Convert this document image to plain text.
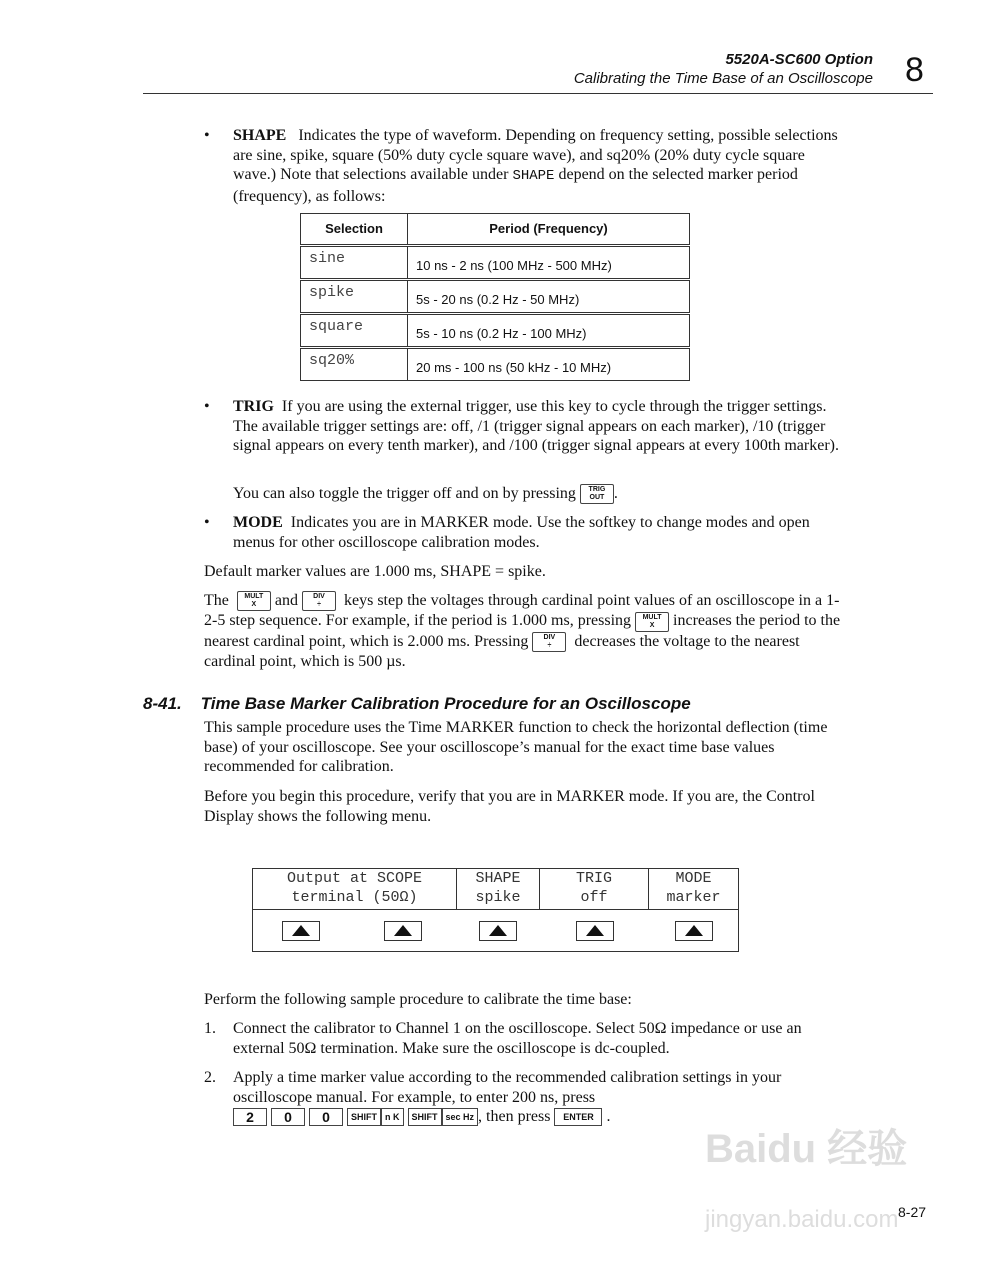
5520A-SC600 Option
Calibrating the Time Base of an Oscilloscope 8
• SHAPE Indicates the type of waveform. Depending on frequency setting, possible selections are sine, spike, square (50% duty cycle square wave), and sq20% (20% duty cycle square wave.) Note that selections available under SHAPE depend on the selected marker period (frequency), as follows:
Selection	Period (Frequency)
sine	10 ns - 2 ns (100 MHz - 500 MHz)
spike	5s - 20 ns (0.2 Hz - 50 MHz)
square	5s - 10 ns (0.2 Hz - 100 MHz)
sq20%	20 ms - 100 ns (50 kHz - 10 MHz)
• TRIG If you are using the external trigger, use this key to cycle through the trigger settings. The available trigger settings are: off, /1 (trigger signal appears on each marker), /10 (trigger signal appears on every tenth marker), and /100 (trigger signal appears at every 100th marker).
You can also toggle the trigger off and on by pressing TRIG
OUT .
• MODE Indicates you are in MARKER mode. Use the softkey to change modes and open menus for other oscilloscope calibration modes.
Default marker values are 1.000 ms, SHAPE = spike.
The MULT
X and DIV
÷ keys step the voltages through cardinal point values of an oscilloscope in a 1-2-5 step sequence. For example, if the period is 1.000 ms, pressing MULT
X increases the period to the nearest cardinal point, which is 2.000 ms. Pressing DIV
÷ decreases the voltage to the nearest cardinal point, which is 500 µs.
8-41. Time Base Marker Calibration Procedure for an Oscilloscope
This sample procedure uses the Time MARKER function to check the horizontal deflection (time base) of your oscilloscope. See your oscilloscope’s manual for the exact time base values recommended for calibration.
Before you begin this procedure, verify that you are in MARKER mode. If you are, the Control Display shows the following menu.
Output at SCOPE
terminal (50Ω)
SHAPE
spike
TRIG
off
MODE
marker
Perform the following sample procedure to calibrate the time base:
1. Connect the calibrator to Channel 1 on the oscilloscope. Select 50Ω impedance or use an external 50Ω termination. Make sure the oscilloscope is dc-coupled.
2. Apply a time marker value according to the recommended calibration settings in your oscilloscope manual. For example, to enter 200 ns, press
2 0 0 SHIFT n K SHIFT sec Hz , then press ENTER .
Baidu 经验
jingyan.baidu.com 8-27
